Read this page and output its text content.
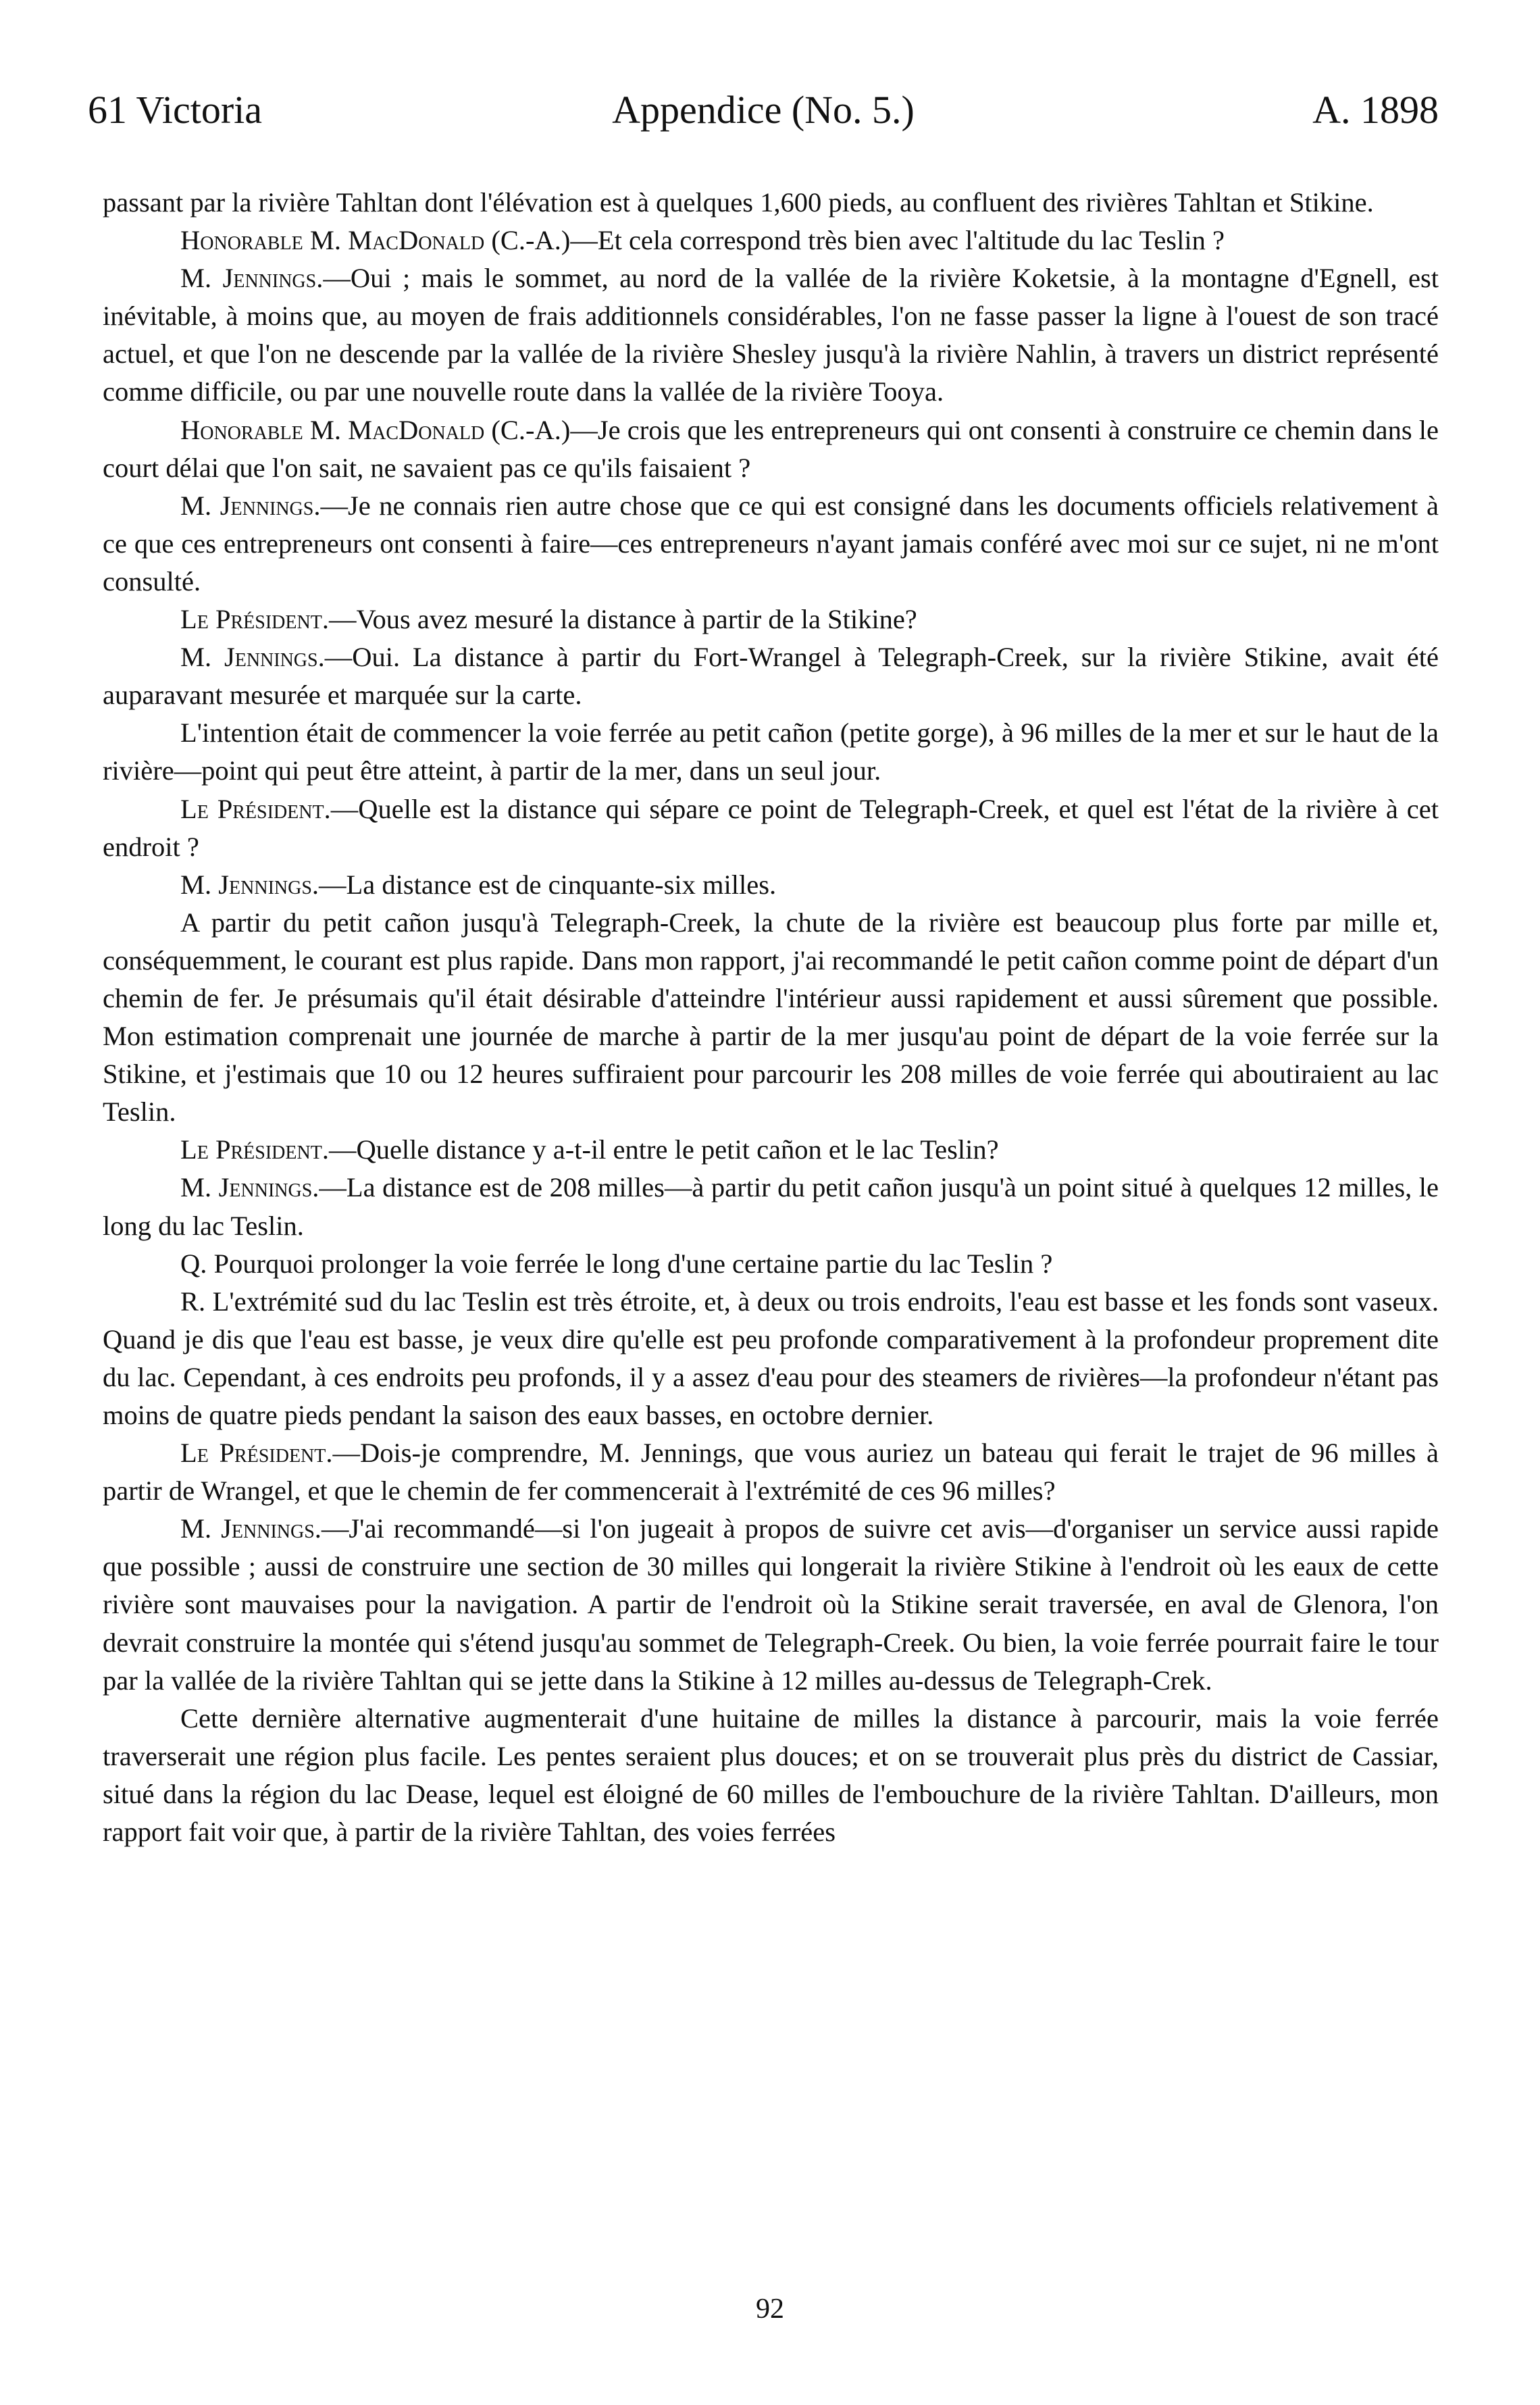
61 Victoria	Appendice (No. 5.)	A. 1898

passant par la rivière Tahltan dont l'élévation est à quelques 1,600 pieds, au confluent des rivières Tahltan et Stikine.

Honorable M. MacDonald (C.-A.)—Et cela correspond très bien avec l'altitude du lac Teslin ?

M. Jennings.—Oui ; mais le sommet, au nord de la vallée de la rivière Koketsie, à la montagne d'Egnell, est inévitable, à moins que, au moyen de frais additionnels considérables, l'on ne fasse passer la ligne à l'ouest de son tracé actuel, et que l'on ne descende par la vallée de la rivière Shesley jusqu'à la rivière Nahlin, à travers un district représenté comme difficile, ou par une nouvelle route dans la vallée de la rivière Tooya.

Honorable M. MacDonald (C.-A.)—Je crois que les entrepreneurs qui ont consenti à construire ce chemin dans le court délai que l'on sait, ne savaient pas ce qu'ils faisaient ?

M. Jennings.—Je ne connais rien autre chose que ce qui est consigné dans les documents officiels relativement à ce que ces entrepreneurs ont consenti à faire—ces entrepreneurs n'ayant jamais conféré avec moi sur ce sujet, ni ne m'ont consulté.

Le Président.—Vous avez mesuré la distance à partir de la Stikine?

M. Jennings.—Oui. La distance à partir du Fort-Wrangel à Telegraph-Creek, sur la rivière Stikine, avait été auparavant mesurée et marquée sur la carte.

L'intention était de commencer la voie ferrée au petit cañon (petite gorge), à 96 milles de la mer et sur le haut de la rivière—point qui peut être atteint, à partir de la mer, dans un seul jour.

Le Président.—Quelle est la distance qui sépare ce point de Telegraph-Creek, et quel est l'état de la rivière à cet endroit ?

M. Jennings.—La distance est de cinquante-six milles.

A partir du petit cañon jusqu'à Telegraph-Creek, la chute de la rivière est beaucoup plus forte par mille et, conséquemment, le courant est plus rapide. Dans mon rapport, j'ai recommandé le petit cañon comme point de départ d'un chemin de fer. Je présumais qu'il était désirable d'atteindre l'intérieur aussi rapidement et aussi sûrement que possible. Mon estimation comprenait une journée de marche à partir de la mer jusqu'au point de départ de la voie ferrée sur la Stikine, et j'estimais que 10 ou 12 heures suffiraient pour parcourir les 208 milles de voie ferrée qui aboutiraient au lac Teslin.

Le Président.—Quelle distance y a-t-il entre le petit cañon et le lac Teslin?

M. Jennings.—La distance est de 208 milles—à partir du petit cañon jusqu'à un point situé à quelques 12 milles, le long du lac Teslin.

Q. Pourquoi prolonger la voie ferrée le long d'une certaine partie du lac Teslin ?

R. L'extrémité sud du lac Teslin est très étroite, et, à deux ou trois endroits, l'eau est basse et les fonds sont vaseux. Quand je dis que l'eau est basse, je veux dire qu'elle est peu profonde comparativement à la profondeur proprement dite du lac. Cependant, à ces endroits peu profonds, il y a assez d'eau pour des steamers de rivières—la profondeur n'étant pas moins de quatre pieds pendant la saison des eaux basses, en octobre dernier.

Le Président.—Dois-je comprendre, M. Jennings, que vous auriez un bateau qui ferait le trajet de 96 milles à partir de Wrangel, et que le chemin de fer commencerait à l'extrémité de ces 96 milles?

M. Jennings.—J'ai recommandé—si l'on jugeait à propos de suivre cet avis—d'organiser un service aussi rapide que possible ; aussi de construire une section de 30 milles qui longerait la rivière Stikine à l'endroit où les eaux de cette rivière sont mauvaises pour la navigation. A partir de l'endroit où la Stikine serait traversée, en aval de Glenora, l'on devrait construire la montée qui s'étend jusqu'au sommet de Telegraph-Creek. Ou bien, la voie ferrée pourrait faire le tour par la vallée de la rivière Tahltan qui se jette dans la Stikine à 12 milles au-dessus de Telegraph-Crek.

Cette dernière alternative augmenterait d'une huitaine de milles la distance à parcourir, mais la voie ferrée traverserait une région plus facile. Les pentes seraient plus douces; et on se trouverait plus près du district de Cassiar, situé dans la région du lac Dease, lequel est éloigné de 60 milles de l'embouchure de la rivière Tahltan. D'ailleurs, mon rapport fait voir que, à partir de la rivière Tahltan, des voies ferrées

92
